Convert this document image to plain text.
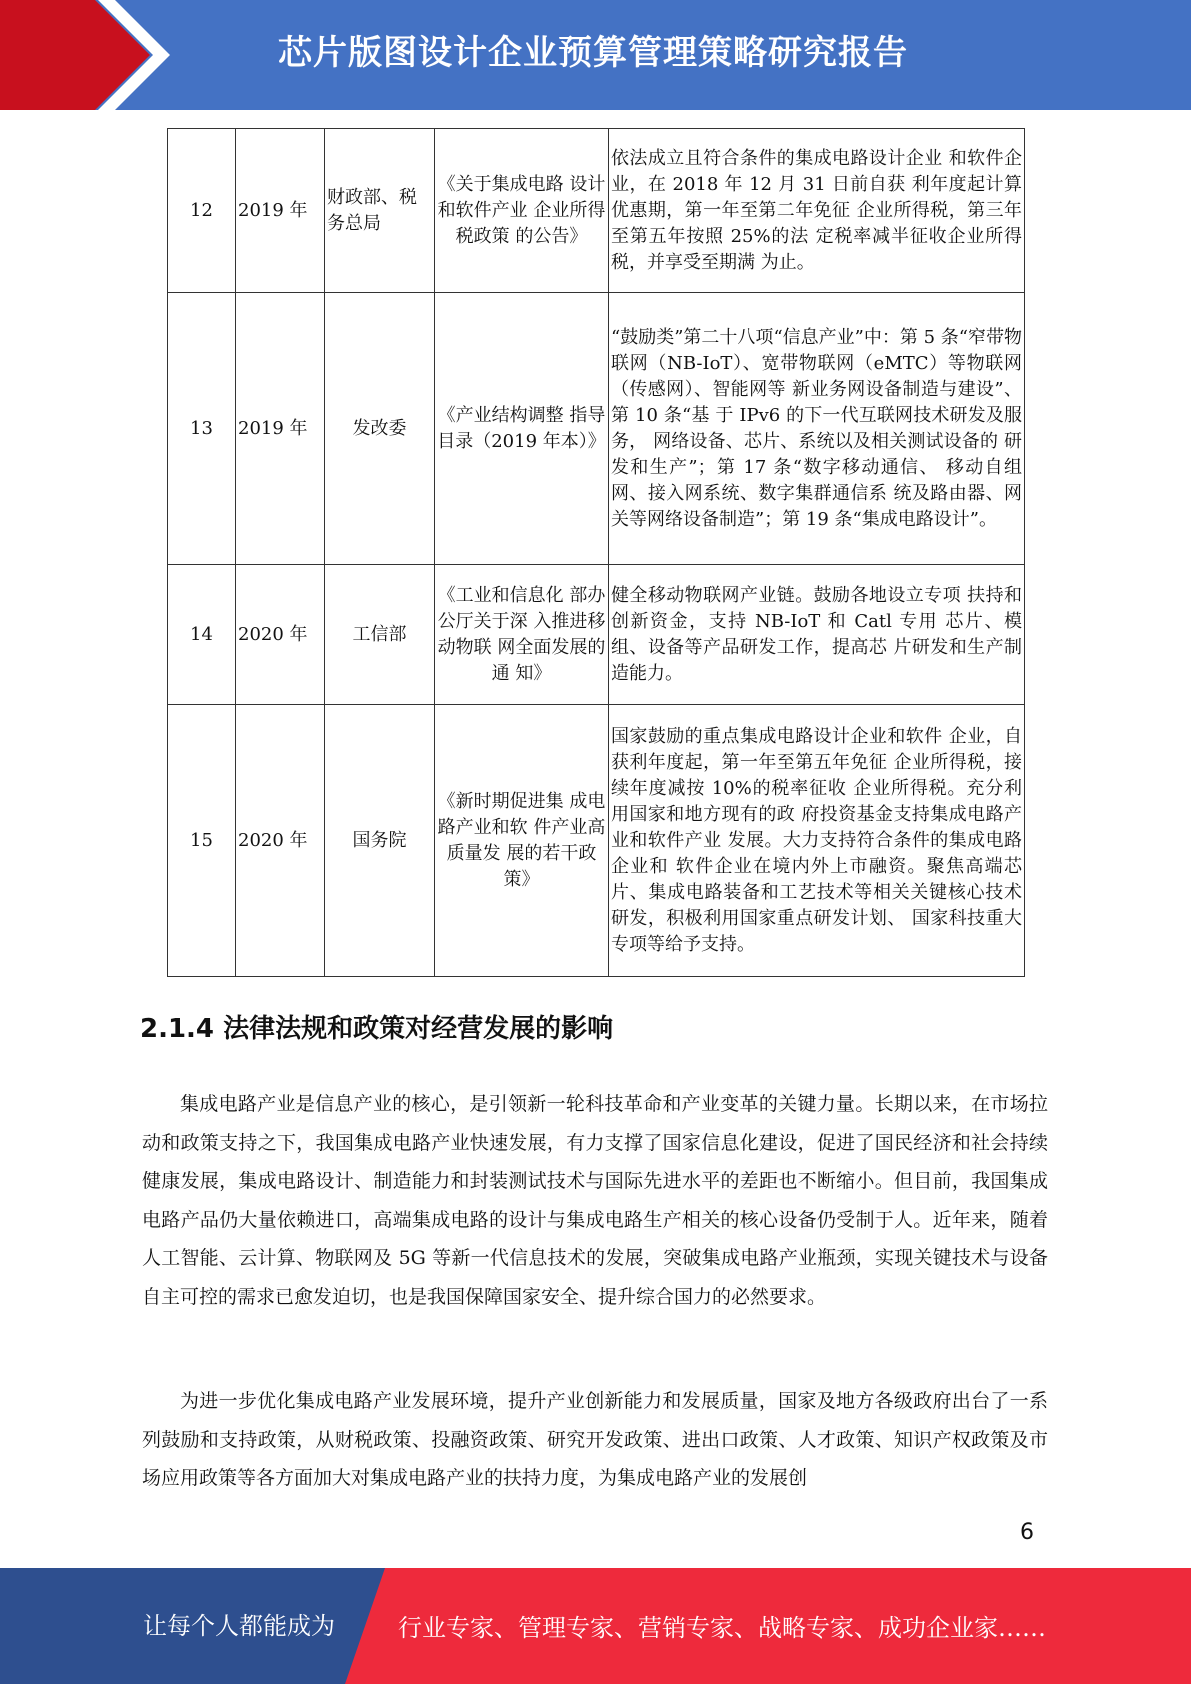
芯片版图设计企业预算管理策略研究报告
12	2019 年	财政部、税务总局	《关于集成电路 设计和软件产业 企业所得税政策 的公告》	依法成立且符合条件的集成电路设计企业 和软件企业，在 2018 年 12 月 31 日前自获 利年度起计算优惠期，第一年至第二年免征 企业所得税，第三年至第五年按照 25%的法 定税率减半征收企业所得税，并享受至期满 为止。
13	2019 年	发改委	《产业结构调整 指导目录（2019 年本）》	“鼓励类”第二十八项“信息产业”中：第 5 条“窄带物联网（NB-IoT）、宽带物联网（eMTC）等物联网（传感网）、智能网等 新业务网设备制造与建设”、第 10 条“基 于 IPv6 的下一代互联网技术研发及服务， 网络设备、芯片、系统以及相关测试设备的 研发和生产”；第 17 条“数字移动通信、 移动自组网、接入网系统、数字集群通信系 统及路由器、网关等网络设备制造”；第 19 条“集成电路设计”。
14	2020 年	工信部	《工业和信息化 部办公厅关于深 入推进移动物联 网全面发展的通 知》	健全移动物联网产业链。鼓励各地设立专项 扶持和创新资金，支持 NB-IoT 和 Catl 专用 芯片、模组、设备等产品研发工作，提高芯 片研发和生产制造能力。
15	2020 年	国务院	《新时期促进集 成电路产业和软 件产业高质量发 展的若干政策》	国家鼓励的重点集成电路设计企业和软件 企业，自获利年度起，第一年至第五年免征 企业所得税，接续年度减按 10%的税率征收 企业所得税。充分利用国家和地方现有的政 府投资基金支持集成电路产业和软件产业 发展。大力支持符合条件的集成电路企业和 软件企业在境内外上市融资。聚焦高端芯 片、集成电路装备和工艺技术等相关关键核心技术研发，积极利用国家重点研发计划、 国家科技重大专项等给予支持。
2.1.4 法律法规和政策对经营发展的影响

集成电路产业是信息产业的核心，是引领新一轮科技革命和产业变革的关键力量。长期以来，在市场拉动和政策支持之下，我国集成电路产业快速发展，有力支撑了国家信息化建设，促进了国民经济和社会持续健康发展，集成电路设计、制造能力和封装测试技术与国际先进水平的差距也不断缩小。但目前，我国集成电路产品仍大量依赖进口，高端集成电路的设计与集成电路生产相关的核心设备仍受制于人。近年来，随着人工智能、云计算、物联网及 5G 等新一代信息技术的发展，突破集成电路产业瓶颈，实现关键技术与设备自主可控的需求已愈发迫切，也是我国保障国家安全、提升综合国力的必然要求。

为进一步优化集成电路产业发展环境，提升产业创新能力和发展质量，国家及地方各级政府出台了一系列鼓励和支持政策，从财税政策、投融资政策、研究开发政策、进出口政策、人才政策、知识产权政策及市场应用政策等各方面加大对集成电路产业的扶持力度，为集成电路产业的发展创

6
让每个人都能成为	行业专家、管理专家、营销专家、战略专家、成功企业家……
